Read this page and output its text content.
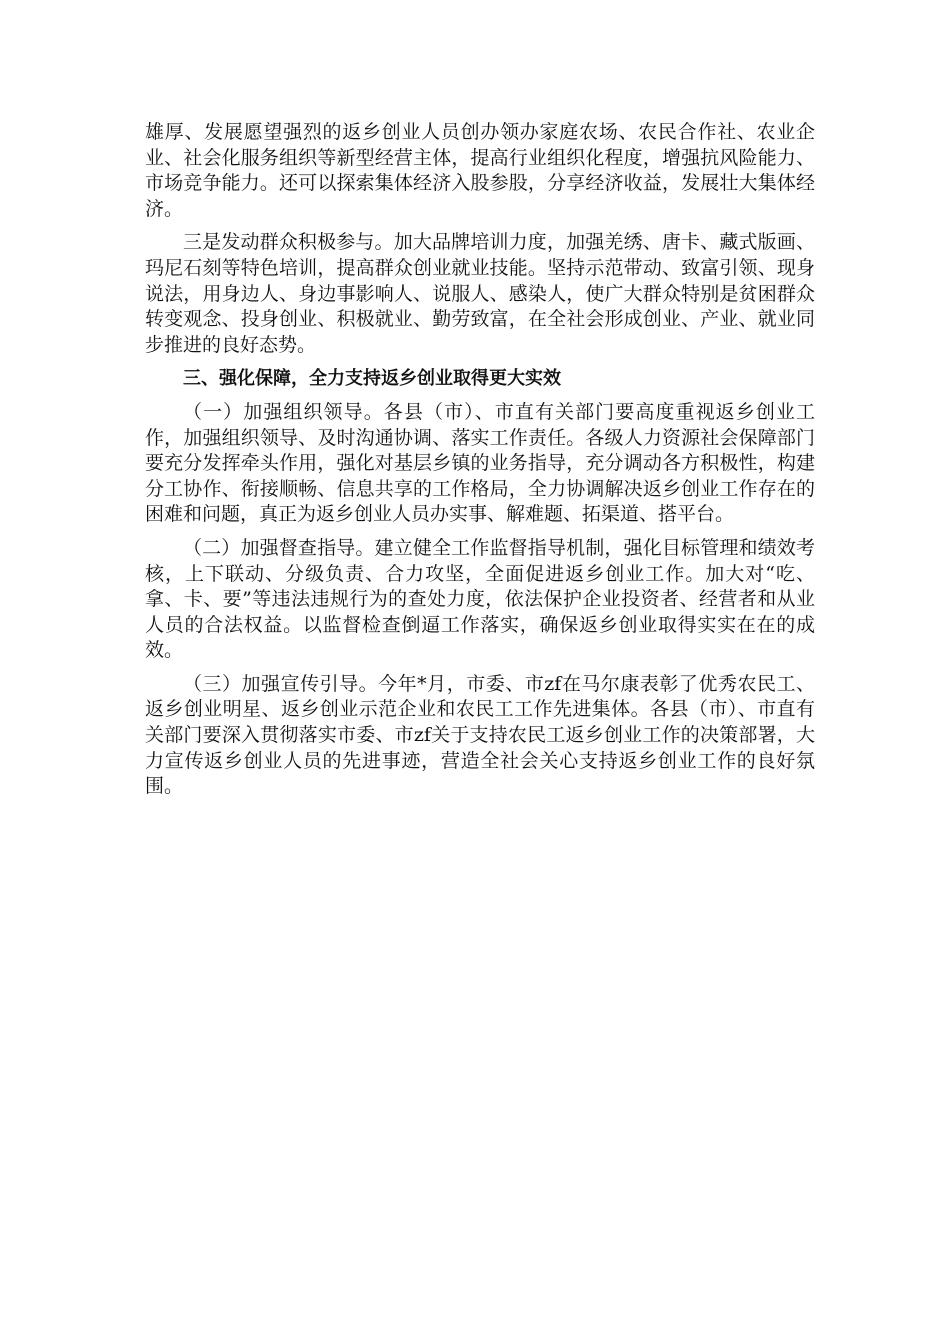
雄厚、发展愿望强烈的返乡创业人员创办领办家庭农场、农民合作社、农业企业、社会化服务组织等新型经营主体，提高行业组织化程度，增强抗风险能力、市场竞争能力。还可以探索集体经济入股参股，分享经济收益，发展壮大集体经济。

三是发动群众积极参与。加大品牌培训力度，加强羌绣、唐卡、藏式版画、玛尼石刻等特色培训，提高群众创业就业技能。坚持示范带动、致富引领、现身说法，用身边人、身边事影响人、说服人、感染人，使广大群众特别是贫困群众转变观念、投身创业、积极就业、勤劳致富，在全社会形成创业、产业、就业同步推进的良好态势。

三、强化保障，全力支持返乡创业取得更大实效

（一）加强组织领导。各县（市）、市直有关部门要高度重视返乡创业工作，加强组织领导、及时沟通协调、落实工作责任。各级人力资源社会保障部门要充分发挥牵头作用，强化对基层乡镇的业务指导，充分调动各方积极性，构建分工协作、衔接顺畅、信息共享的工作格局，全力协调解决返乡创业工作存在的困难和问题，真正为返乡创业人员办实事、解难题、拓渠道、搭平台。

（二）加强督查指导。建立健全工作监督指导机制，强化目标管理和绩效考核，上下联动、分级负责、合力攻坚，全面促进返乡创业工作。加大对“吃、拿、卡、要”等违法违规行为的查处力度，依法保护企业投资者、经营者和从业人员的合法权益。以监督检查倒逼工作落实，确保返乡创业取得实实在在的成效。

（三）加强宣传引导。今年*月，市委、市zf在马尔康表彰了优秀农民工、返乡创业明星、返乡创业示范企业和农民工工作先进集体。各县（市）、市直有关部门要深入贯彻落实市委、市zf关于支持农民工返乡创业工作的决策部署，大力宣传返乡创业人员的先进事迹，营造全社会关心支持返乡创业工作的良好氛围。
